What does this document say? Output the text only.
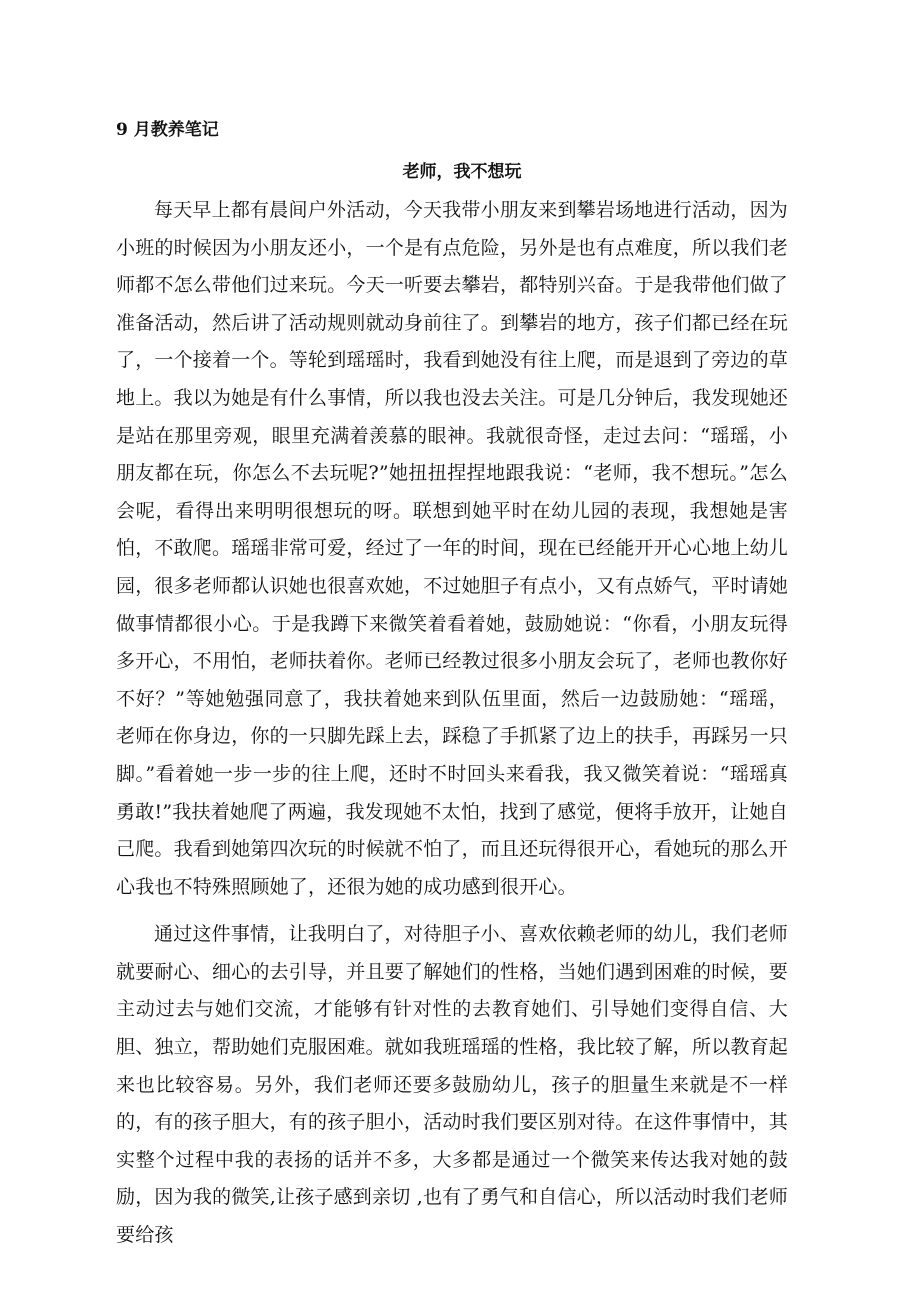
9 月教养笔记

老师，我不想玩

每天早上都有晨间户外活动，今天我带小朋友来到攀岩场地进行活动，因为小班的时候因为小朋友还小，一个是有点危险，另外是也有点难度，所以我们老师都不怎么带他们过来玩。今天一听要去攀岩，都特别兴奋。于是我带他们做了准备活动，然后讲了活动规则就动身前往了。到攀岩的地方，孩子们都已经在玩了，一个接着一个。等轮到瑶瑶时，我看到她没有往上爬，而是退到了旁边的草地上。我以为她是有什么事情，所以我也没去关注。可是几分钟后，我发现她还是站在那里旁观，眼里充满着羡慕的眼神。我就很奇怪，走过去问：“瑶瑶，小朋友都在玩，你怎么不去玩呢?”她扭扭捏捏地跟我说：“老师，我不想玩。”怎么会呢，看得出来明明很想玩的呀。联想到她平时在幼儿园的表现，我想她是害怕，不敢爬。瑶瑶非常可爱，经过了一年的时间，现在已经能开开心心地上幼儿园，很多老师都认识她也很喜欢她，不过她胆子有点小，又有点娇气，平时请她做事情都很小心。于是我蹲下来微笑着看着她，鼓励她说：“你看，小朋友玩得多开心，不用怕，老师扶着你。老师已经教过很多小朋友会玩了，老师也教你好不好？”等她勉强同意了，我扶着她来到队伍里面，然后一边鼓励她：“瑶瑶，老师在你身边，你的一只脚先踩上去，踩稳了手抓紧了边上的扶手，再踩另一只脚。”看着她一步一步的往上爬，还时不时回头来看我，我又微笑着说：“瑶瑶真勇敢!”我扶着她爬了两遍，我发现她不太怕，找到了感觉，便将手放开，让她自己爬。我看到她第四次玩的时候就不怕了，而且还玩得很开心，看她玩的那么开心我也不特殊照顾她了，还很为她的成功感到很开心。

通过这件事情，让我明白了，对待胆子小、喜欢依赖老师的幼儿，我们老师就要耐心、细心的去引导，并且要了解她们的性格，当她们遇到困难的时候，要主动过去与她们交流，才能够有针对性的去教育她们、引导她们变得自信、大胆、独立，帮助她们克服困难。就如我班瑶瑶的性格，我比较了解，所以教育起来也比较容易。另外，我们老师还要多鼓励幼儿，孩子的胆量生来就是不一样的，有的孩子胆大，有的孩子胆小，活动时我们要区别对待。在这件事情中，其实整个过程中我的表扬的话并不多，大多都是通过一个微笑来传达我对她的鼓励，因为我的微笑,让孩子感到亲切 ,也有了勇气和自信心，所以活动时我们老师要给孩
